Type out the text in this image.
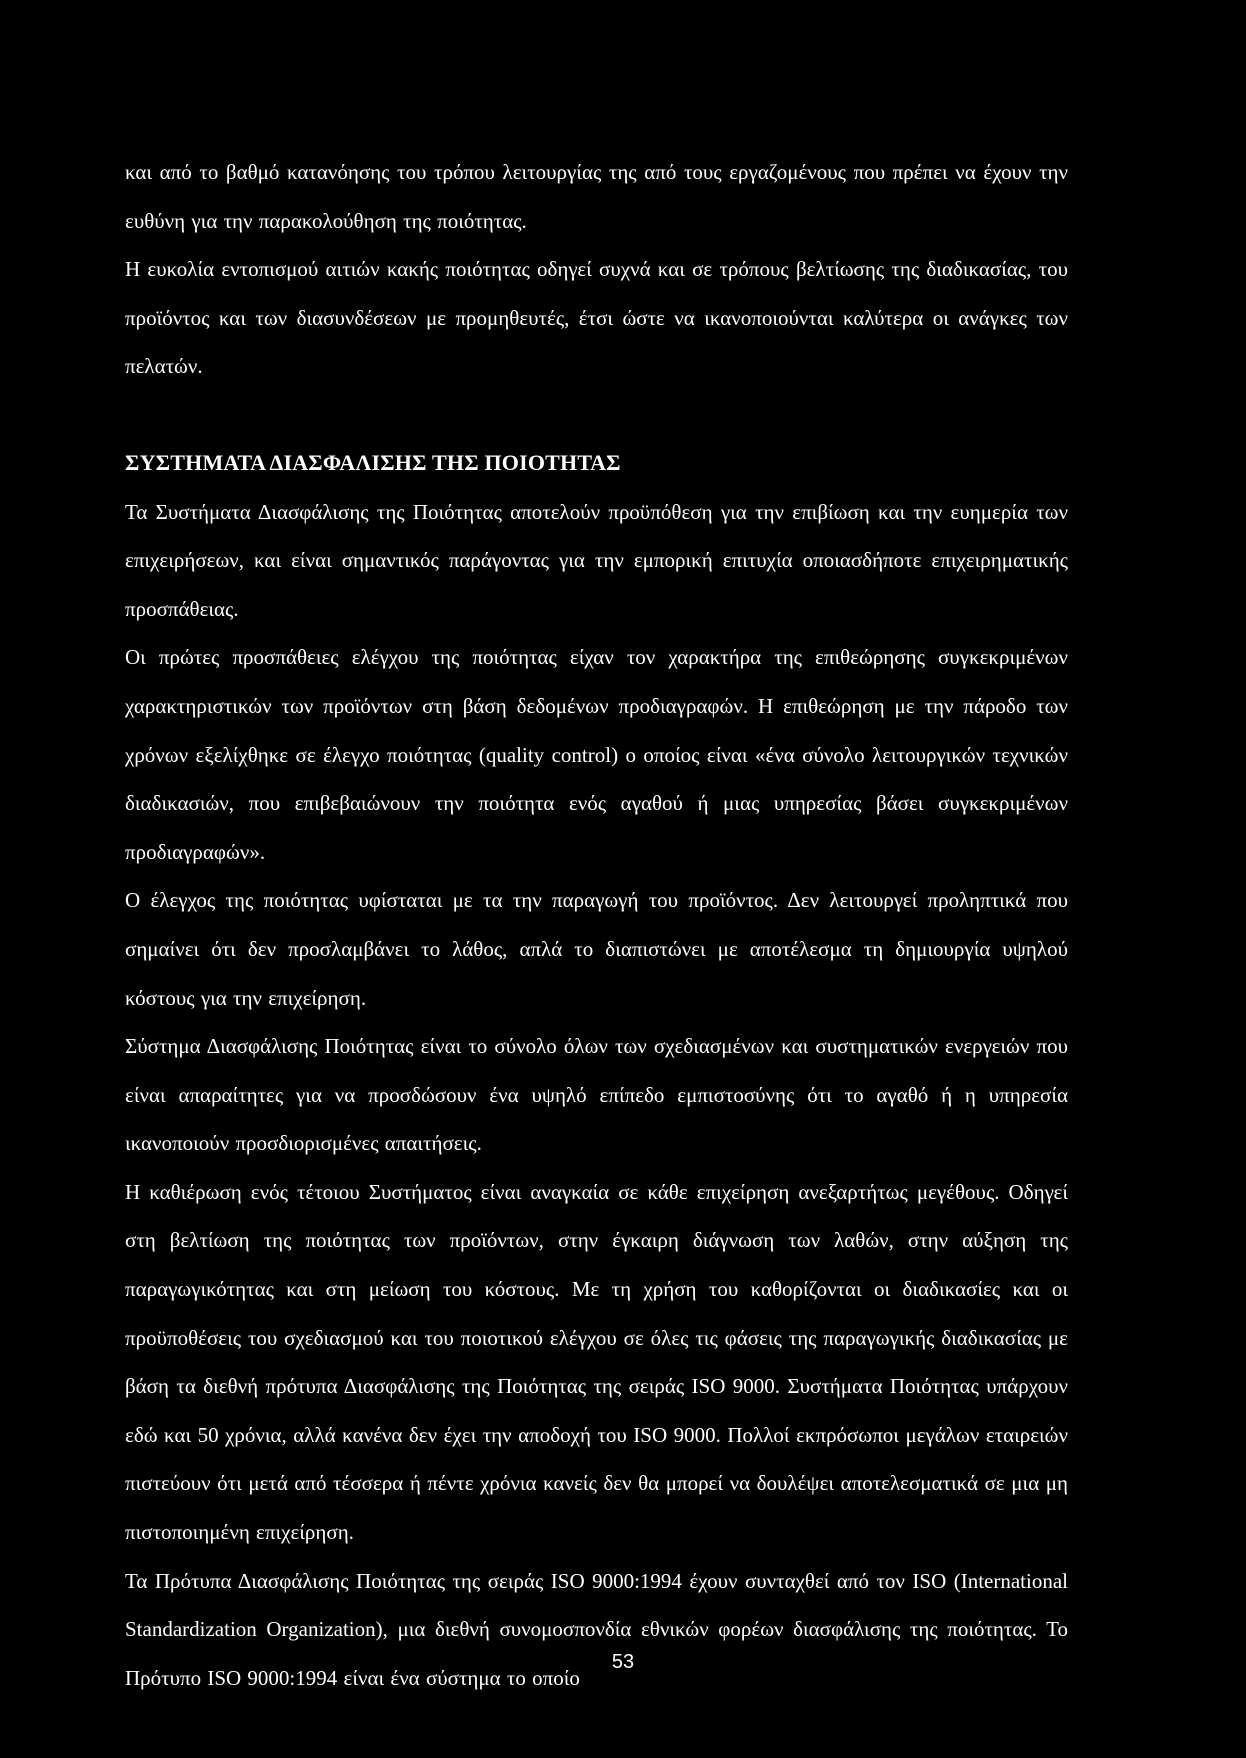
και από το βαθμό κατανόησης του τρόπου λειτουργίας της από τους εργαζομένους που πρέπει να έχουν την ευθύνη για την παρακολούθηση της ποιότητας.

Η ευκολία εντοπισμού αιτιών κακής ποιότητας οδηγεί συχνά και σε τρόπους βελτίωσης της διαδικασίας, του προϊόντος και των διασυνδέσεων με προμηθευτές, έτσι ώστε να ικανοποιούνται καλύτερα οι ανάγκες των πελατών.

ΣΥΣΤΗΜΑΤΑ ΔΙΑΣΦΑΛΙΣΗΣ ΤΗΣ ΠΟΙΟΤΗΤΑΣ

Τα Συστήματα Διασφάλισης της Ποιότητας αποτελούν προϋπόθεση για την επιβίωση και την ευημερία των επιχειρήσεων, και είναι σημαντικός παράγοντας για την εμπορική επιτυχία οποιασδήποτε επιχειρηματικής προσπάθειας.

Οι πρώτες προσπάθειες ελέγχου της ποιότητας είχαν τον χαρακτήρα της επιθεώρησης συγκεκριμένων χαρακτηριστικών των προϊόντων στη βάση δεδομένων προδιαγραφών. Η επιθεώρηση με την πάροδο των χρόνων εξελίχθηκε σε έλεγχο ποιότητας (quality control) ο οποίος είναι «ένα σύνολο λειτουργικών τεχνικών διαδικασιών, που επιβεβαιώνουν την ποιότητα ενός αγαθού ή μιας υπηρεσίας βάσει συγκεκριμένων προδιαγραφών».

Ο έλεγχος της ποιότητας υφίσταται με τα την παραγωγή του προϊόντος. Δεν λειτουργεί προληπτικά που σημαίνει ότι δεν προσλαμβάνει το λάθος, απλά το διαπιστώνει με αποτέλεσμα τη δημιουργία υψηλού κόστους για την επιχείρηση.

Σύστημα Διασφάλισης Ποιότητας είναι το σύνολο όλων των σχεδιασμένων και συστηματικών ενεργειών που είναι απαραίτητες για να προσδώσουν ένα υψηλό επίπεδο εμπιστοσύνης ότι το αγαθό ή η υπηρεσία ικανοποιούν προσδιορισμένες απαιτήσεις.

Η καθιέρωση ενός τέτοιου Συστήματος είναι αναγκαία σε κάθε επιχείρηση ανεξαρτήτως μεγέθους. Οδηγεί στη βελτίωση της ποιότητας των προϊόντων, στην έγκαιρη διάγνωση των λαθών, στην αύξηση της παραγωγικότητας και στη μείωση του κόστους. Με τη χρήση του καθορίζονται οι διαδικασίες και οι προϋποθέσεις του σχεδιασμού και του ποιοτικού ελέγχου σε όλες τις φάσεις της παραγωγικής διαδικασίας με βάση τα διεθνή πρότυπα Διασφάλισης της Ποιότητας της σειράς ISO 9000. Συστήματα Ποιότητας υπάρχουν εδώ και 50 χρόνια, αλλά κανένα δεν έχει την αποδοχή του ISO 9000. Πολλοί εκπρόσωποι μεγάλων εταιρειών πιστεύουν ότι μετά από τέσσερα ή πέντε χρόνια κανείς δεν θα μπορεί να δουλέψει αποτελεσματικά σε μια μη πιστοποιημένη επιχείρηση.

Τα Πρότυπα Διασφάλισης Ποιότητας της σειράς ISO 9000:1994 έχουν συνταχθεί από τον ISO (International Standardization Organization), μια διεθνή συνομοσπονδία εθνικών φορέων διασφάλισης της ποιότητας. Το Πρότυπο ISO 9000:1994 είναι ένα σύστημα το οποίο

53
